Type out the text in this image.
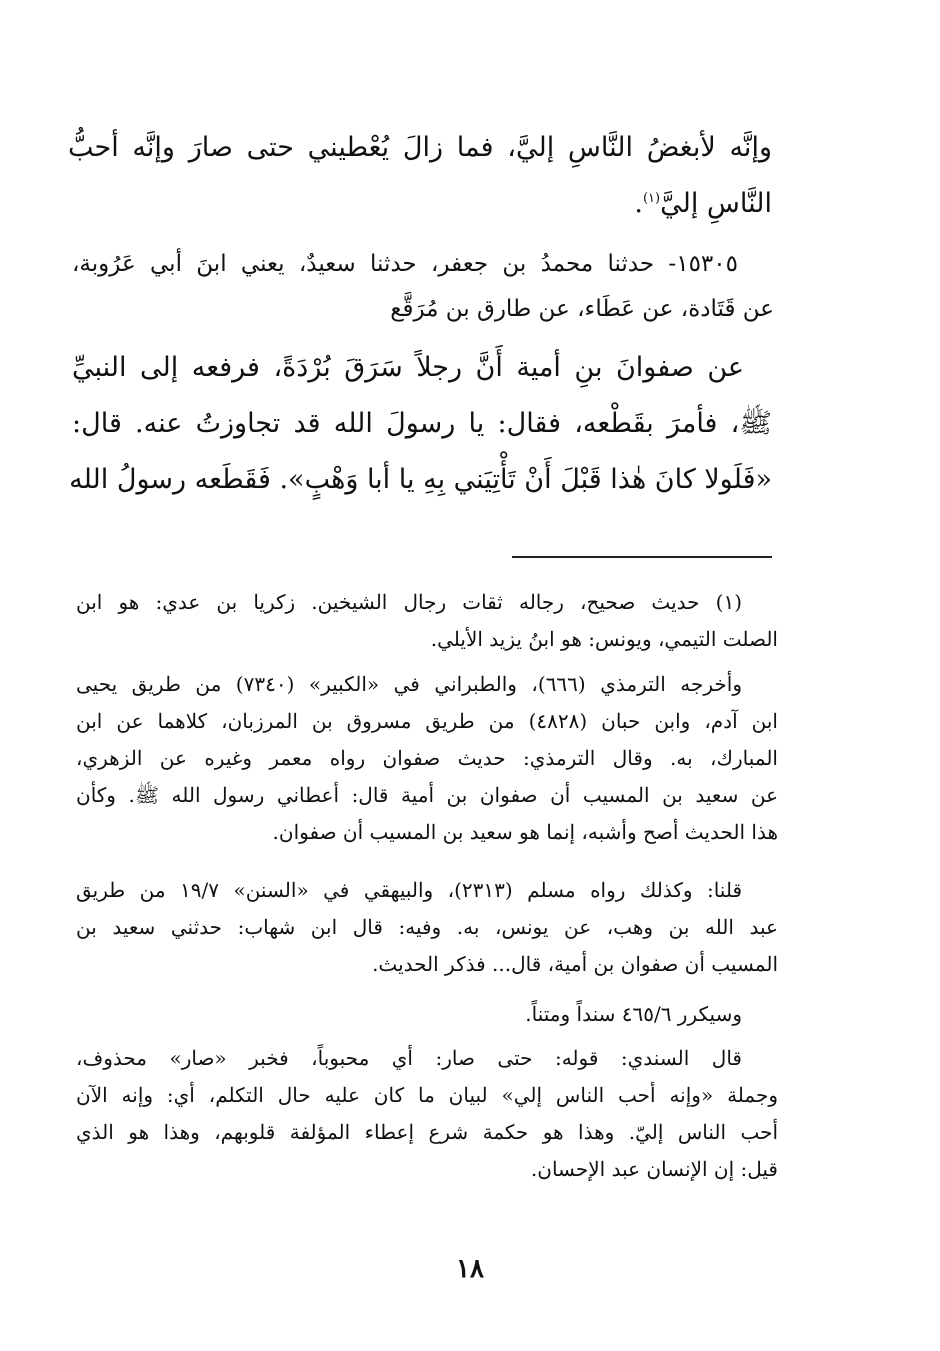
وإنَّه لأبغضُ النَّاسِ إليَّ، فما زالَ يُعْطيني حتى صارَ وإنَّه أحبُّ
النَّاسِ إليَّ$^{(١)}$.
١٥٣٠٥- حدثنا محمدُ بن جعفر، حدثنا سعيدٌ، يعني ابنَ أبي عَرُوبة،
عن قَتَادة، عن عَطَاء، عن طارق بن مُرَقَّع
عن صفوانَ بنِ أمية أَنَّ رجلاً سَرَقَ بُرْدَةً، فرفعه إلى النبيِّ
ﷺ، فأمرَ بقَطْعه، فقال: يا رسولَ الله قد تجاوزتُ عنه. قال:
«فَلَولا كانَ هٰذا قَبْلَ أَنْ تَأْتِيَني بِهِ يا أبا وَهْبٍ». فَقَطَعه رسولُ الله
(١) حديث صحيح، رجاله ثقات رجال الشيخين. زكريا بن عدي: هو ابن
الصلت التيمي، ويونس: هو ابنُ يزيد الأيلي.
وأخرجه الترمذي (٦٦٦)، والطبراني في «الكبير» (٧٣٤٠) من طريق يحيى
ابن آدم، وابن حبان (٤٨٢٨) من طريق مسروق بن المرزبان، كلاهما عن ابن
المبارك، به. وقال الترمذي: حديث صفوان رواه معمر وغيره عن الزهري،
عن سعيد بن المسيب أن صفوان بن أمية قال: أعطاني رسول الله ﷺ. وكأن
هذا الحديث أصح وأشبه، إنما هو سعيد بن المسيب أن صفوان.
قلنا: وكذلك رواه مسلم (٢٣١٣)، والبيهقي في «السنن» ١٩/٧ من طريق
عبد الله بن وهب، عن يونس، به. وفيه: قال ابن شهاب: حدثني سعيد بن
المسيب أن صفوان بن أمية، قال... فذكر الحديث.
وسيكرر ٤٦٥/٦ سنداً ومتناً.
قال السندي: قوله: حتى صار: أي محبوباً، فخبر «صار» محذوف،
وجملة «وإنه أحب الناس إلي» لبيان ما كان عليه حال التكلم، أي: وإنه الآن
أحب الناس إليّ. وهذا هو حكمة شرع إعطاء المؤلفة قلوبهم، وهذا هو الذي
قيل: إن الإنسان عبد الإحسان.
١٨
